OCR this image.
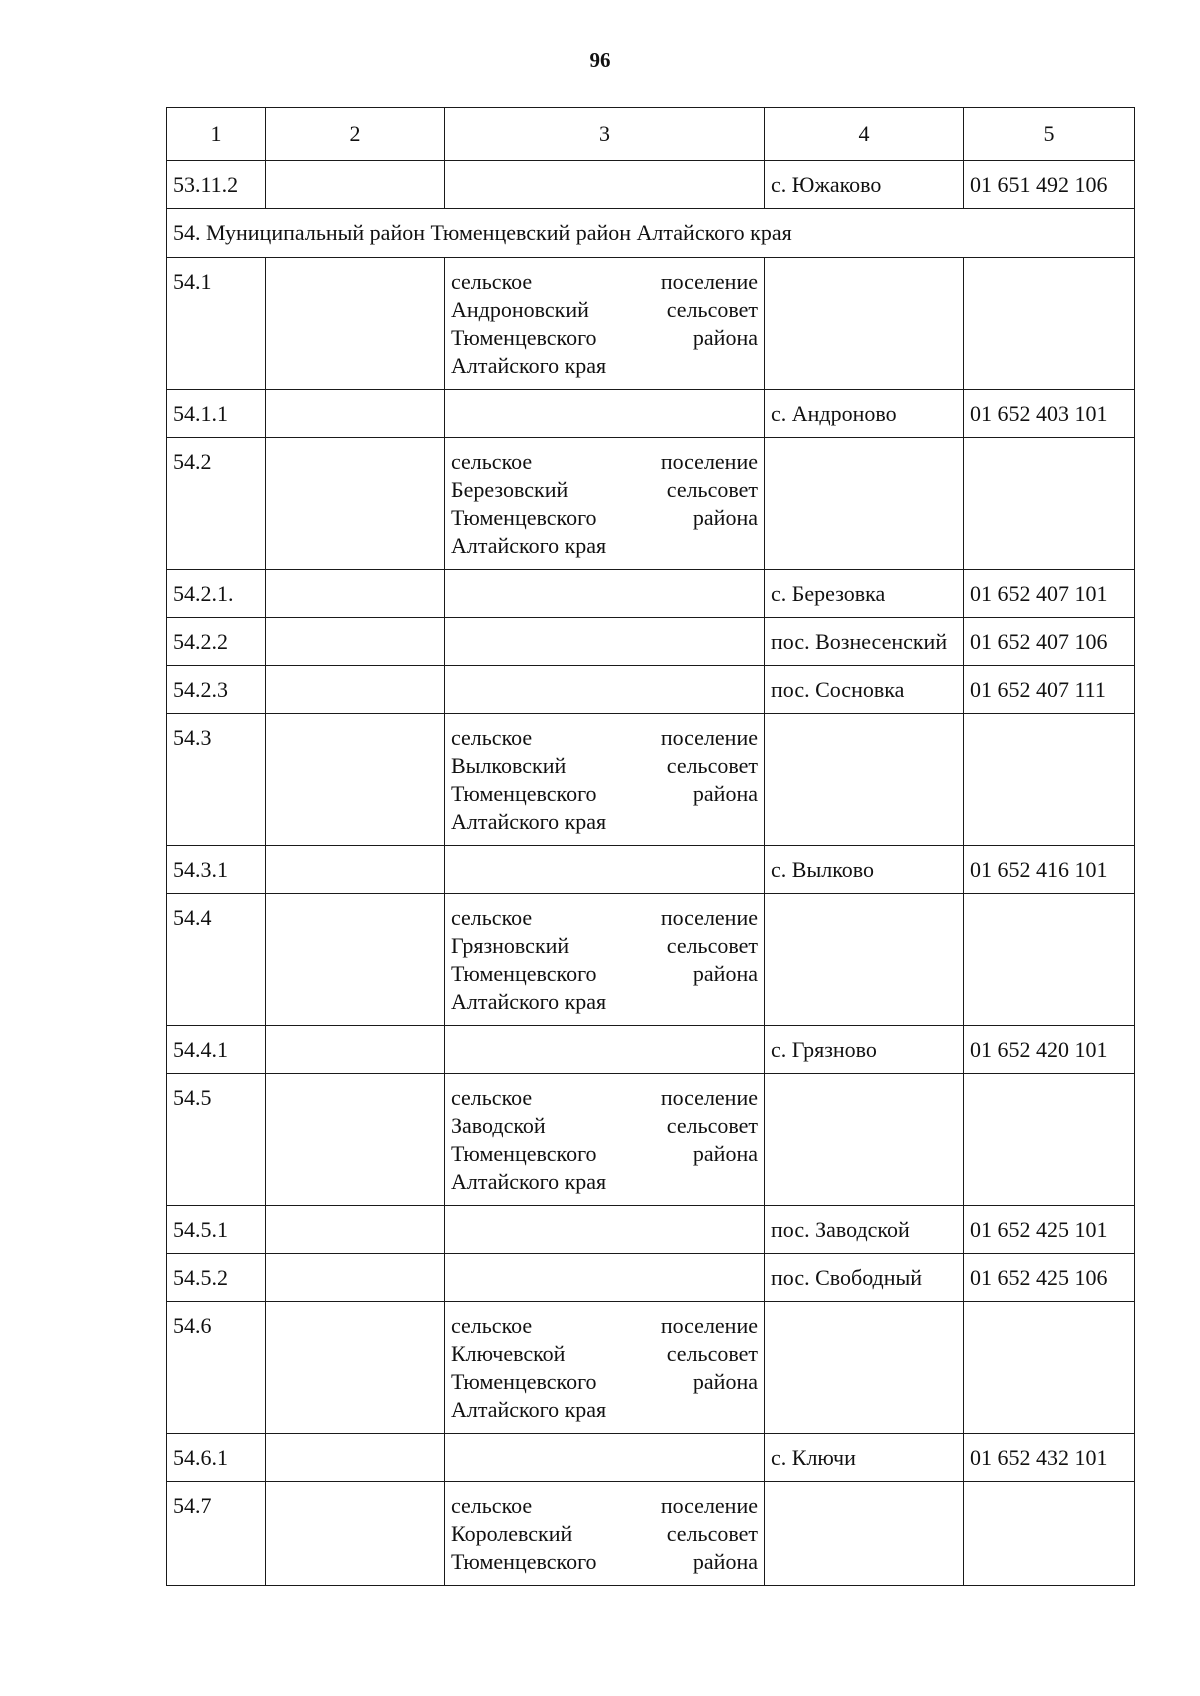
96
1	2	3	4	5
53.11.2			с. Южаково	01 651 492 106
54. Муниципальный район Тюменцевский район Алтайского края				
54.1		сельское поселение
Андроновский сельсовет
Тюменцевского района
Алтайского края		

54.1.1			с. Андроново	01 652 403 101
54.2		сельское поселение
Березовский сельсовет
Тюменцевского района
Алтайского края		

54.2.1.			с. Березовка	01 652 407 101
54.2.2			пос. Вознесенский	01 652 407 106
54.2.3			пос. Сосновка	01 652 407 111
54.3		сельское поселение
Вылковский сельсовет
Тюменцевского района
Алтайского края		

54.3.1			с. Вылково	01 652 416 101
54.4		сельское поселение
Грязновский сельсовет
Тюменцевского района
Алтайского края		

54.4.1			с. Грязново	01 652 420 101
54.5		сельское поселение
Заводской сельсовет
Тюменцевского района
Алтайского края		

54.5.1			пос. Заводской	01 652 425 101
54.5.2			пос. Свободный	01 652 425 106
54.6		сельское поселение
Ключевской сельсовет
Тюменцевского района
Алтайского края		

54.6.1			с. Ключи	01 652 432 101
54.7		сельское поселение
Королевский сельсовет
Тюменцевского района		
